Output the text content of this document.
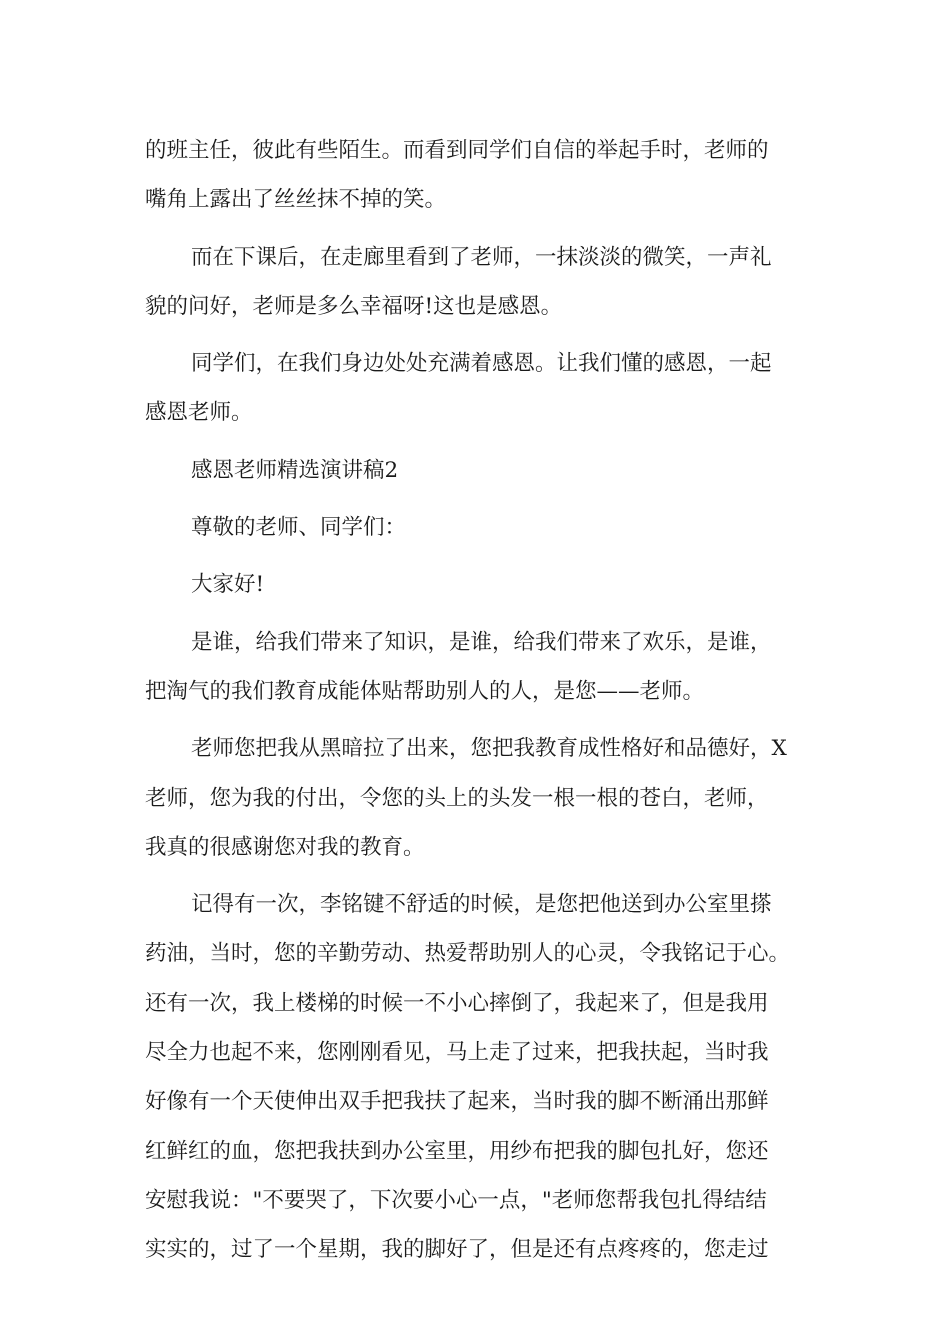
的班主任，彼此有些陌生。而看到同学们自信的举起手时，老师的
嘴角上露出了丝丝抹不掉的笑。

而在下课后，在走廊里看到了老师，一抹淡淡的微笑，一声礼
貌的问好，老师是多么幸福呀!这也是感恩。

同学们，在我们身边处处充满着感恩。让我们懂的感恩，一起
感恩老师。

感恩老师精选演讲稿2

尊敬的老师、同学们：

大家好!

是谁，给我们带来了知识，是谁，给我们带来了欢乐，是谁，
把淘气的我们教育成能体贴帮助别人的人，是您——老师。

老师您把我从黑暗拉了出来，您把我教育成性格好和品德好，X
老师，您为我的付出，令您的头上的头发一根一根的苍白，老师，
我真的很感谢您对我的教育。

记得有一次，李铭键不舒适的时候，是您把他送到办公室里搽
药油，当时，您的辛勤劳动、热爱帮助别人的心灵，令我铭记于心。
还有一次，我上楼梯的时候一不小心摔倒了，我起来了，但是我用
尽全力也起不来，您刚刚看见，马上走了过来，把我扶起，当时我
好像有一个天使伸出双手把我扶了起来，当时我的脚不断涌出那鲜
红鲜红的血，您把我扶到办公室里，用纱布把我的脚包扎好，您还
安慰我说："不要哭了，下次要小心一点，"老师您帮我包扎得结结
实实的，过了一个星期，我的脚好了，但是还有点疼疼的，您走过
